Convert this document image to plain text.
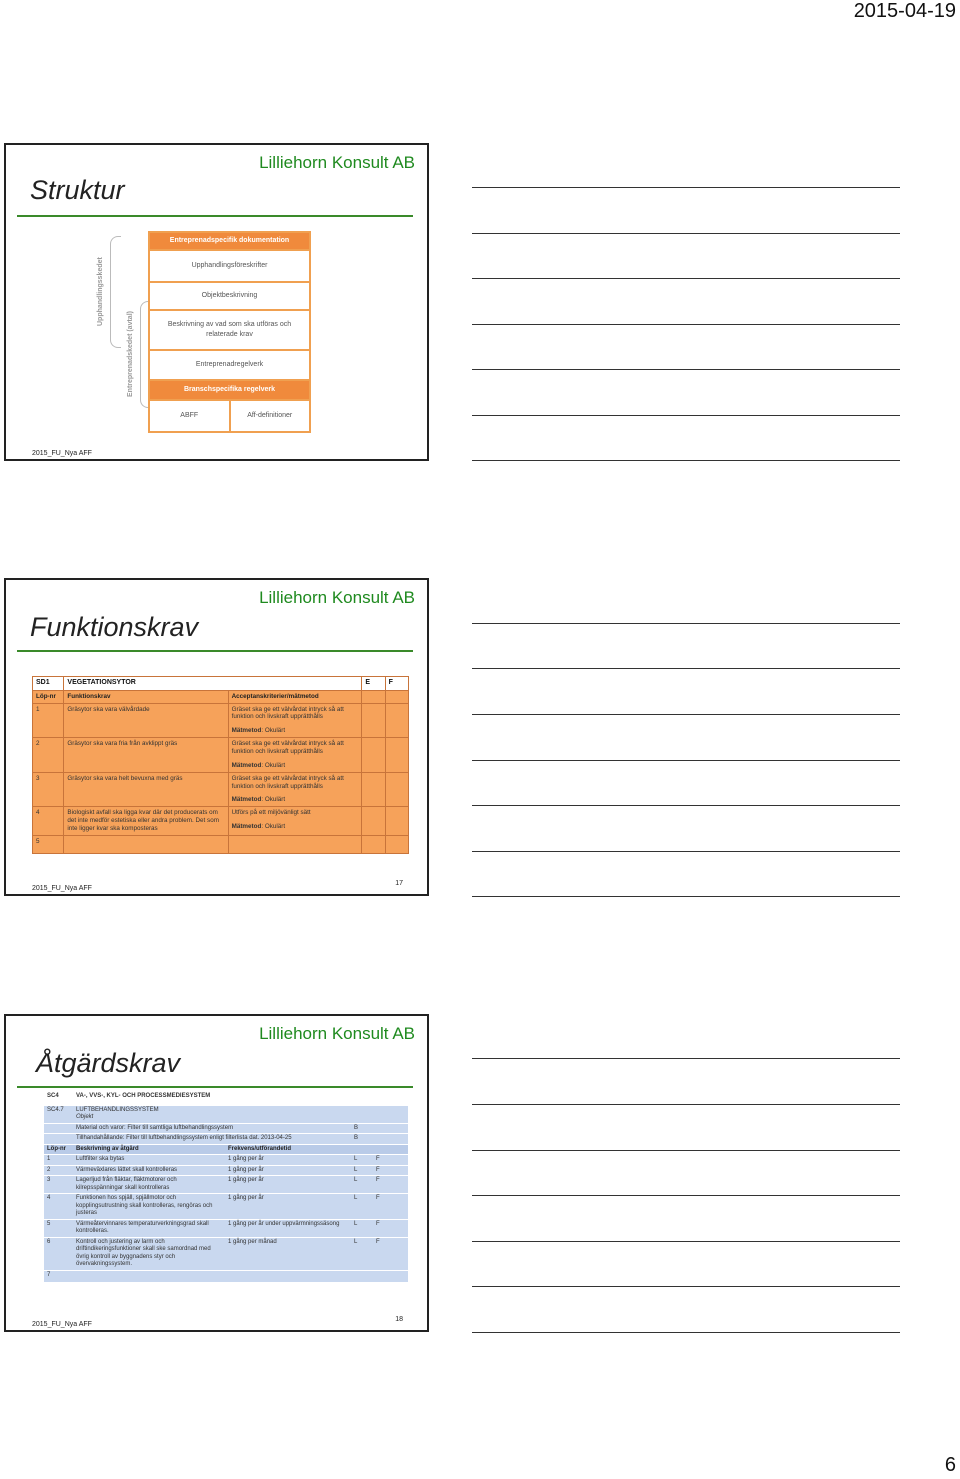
2015-04-19
Lilliehorn Konsult AB
Struktur
Upphandlingsskedet
Entreprenadskedet (avtal)
Entreprenadspecifik dokumentation
Upphandlingsföreskrifter
Objektbeskrivning
Beskrivning av vad som ska utföras och relaterade krav
Entreprenadregelverk
Branschspecifika regelverk
ABFF	Aff-definitioner
2015_FU_Nya AFF
Lilliehorn Konsult AB
Funktionskrav
SD1	VEGETATIONSYTOR		E	F
Löp-nr	Funktionskrav	Acceptanskriterier/mätmetod		
1	Gräsytor ska vara välvårdade	Gräset ska ge ett välvårdat intryck så att funktion och livskraft upprätthålls
Mätmetod: Okulärt		

2	Gräsytor ska vara fria från avklippt gräs	Gräset ska ge ett välvårdat intryck så att funktion och livskraft upprätthålls
Mätmetod: Okulärt		

3	Gräsytor ska vara helt bevuxna med gräs	Gräset ska ge ett välvårdat intryck så att funktion och livskraft upprätthålls
Mätmetod: Okulärt		

4	Biologiskt avfall ska ligga kvar där det producerats om det inte medför estetiska eller andra problem. Det som inte ligger kvar ska komposteras	Utförs på ett miljövänligt sätt
Mätmetod: Okulärt		

5				
17
2015_FU_Nya AFF
Lilliehorn Konsult AB
Åtgärdskrav
SC4	VA-, VVS-, KYL- OCH PROCESSMEDIESYSTEM			

SC4.7	LUFTBEHANDLINGSSYSTEM
Objekt			

	Material och varor: Filter till samtliga luftbehandlingssystem		B	
	Tillhandahållande: Filter till luftbehandlingssystem enligt filterlista dat. 2013-04-25		B	
Löp-nr	Beskrivning av åtgärd	Frekvens/utförandetid		
1	Luftfilter ska bytas	1 gång per år	L	F
2	Värmeväxlares lättet skall kontrolleras	1 gång per år	L	F
3	Lagerljud från fläktar, fläktmotorer och kilrepsspänningar skall kontrolleras	1 gång per år	L	F
4	Funktionen hos spjäll, spjällmotor och kopplingsutrustning skall kontrolleras, rengöras och justeras	1 gång per år	L	F
5	Värmeåtervinnares temperaturverkningsgrad skall kontrolleras.	1 gång per år under uppvärmningssäsong	L	F
6	Kontroll och justering av larm och driftindikeringsfunktioner skall ske samordnad med övrig kontroll av byggnadens styr och övervakningssystem.	1 gång per månad	L	F
7				
18
2015_FU_Nya AFF
6
